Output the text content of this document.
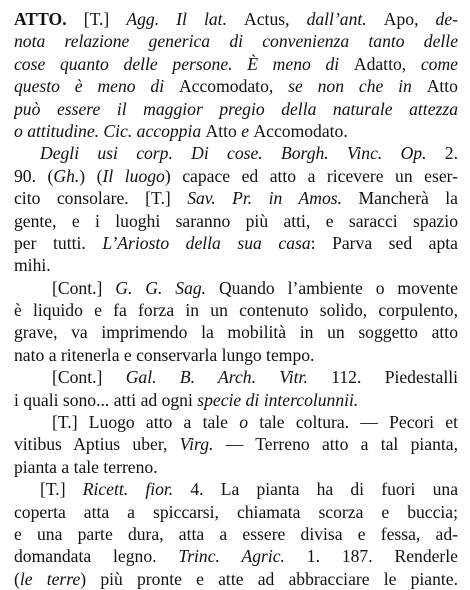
ATTO. [T.] Agg. Il lat. Actus, dall’ant. Apo, de-
nota relazione generica di convenienza tanto delle
cose quanto delle persone. È meno di Adatto, come
questo è meno di Accomodato, se non che in Atto
può essere il maggior pregio della naturale attezza
o attitudine. Cic. accoppia Atto e Accomodato.
Degli usi corp. Di cose. Borgh. Vinc. Op. 2.
90. (Gh.) (Il luogo) capace ed atto a ricevere un eser-
cito consolare. [T.] Sav. Pr. in Amos. Mancherà la
gente, e i luoghi saranno più atti, e saracci spazio
per tutti. L’Ariosto della sua casa: Parva sed apta
mihi.
[Cont.] G. G. Sag. Quando l’ambiente o movente
è liquido e fa forza in un contenuto solido, corpulento,
grave, va imprimendo la mobilità in un soggetto atto
nato a ritenerla e conservarla lungo tempo.
[Cont.] Gal. B. Arch. Vitr. 112. Piedestalli
i quali sono... atti ad ogni specie di intercolunnii.
[T.] Luogo atto a tale o tale coltura. — Pecori et
vitibus Aptius uber, Virg. — Terreno atto a tal pianta,
pianta a tale terreno.
[T.] Ricett. fior. 4. La pianta ha di fuori una
coperta atta a spiccarsi, chiamata scorza e buccia;
e una parte dura, atta a essere divisa e fessa, ad-
domandata legno. Trinc. Agric. 1. 187. Renderle
(le terre) più pronte e atte ad abbracciare le piante.
